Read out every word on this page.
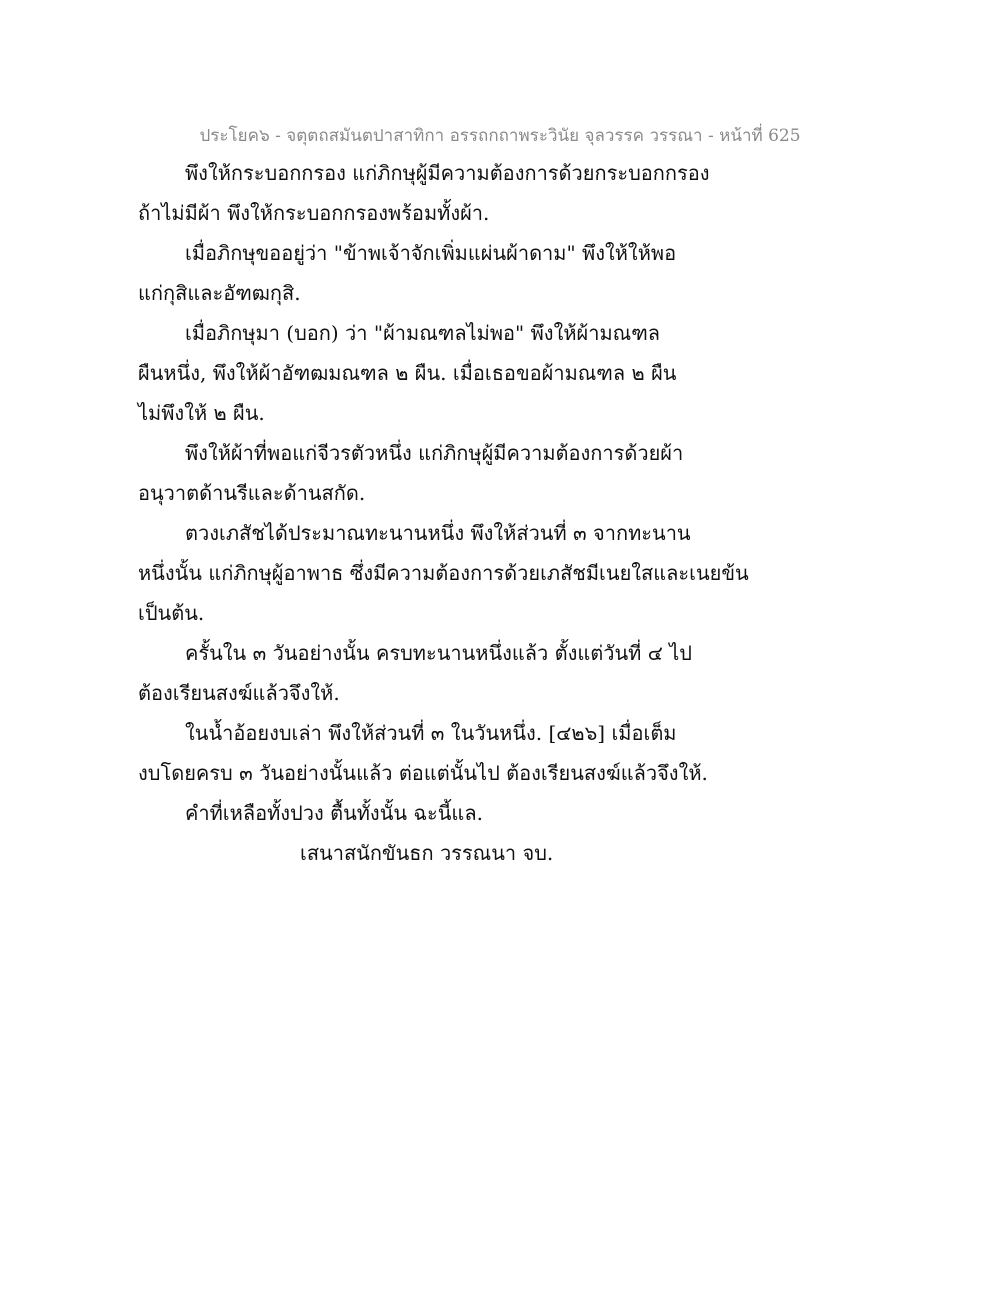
ประโยค๖ - จตุตถสมันตปาสาทิกา อรรถกถาพระวินัย จุลวรรค วรรณา - หน้าที่ 625
พึงให้กระบอกกรอง แก่ภิกษุผู้มีความต้องการด้วยกระบอกกรอง
ถ้าไม่มีผ้า พึงให้กระบอกกรองพร้อมทั้งผ้า.
เมื่อภิกษุขออยู่ว่า "ข้าพเจ้าจักเพิ่มแผ่นผ้าดาม" พึงให้ให้พอ
แก่กุสิและอัฑฒกุสิ.
เมื่อภิกษุมา (บอก) ว่า "ผ้ามณฑลไม่พอ" พึงให้ผ้ามณฑล
ผืนหนึ่ง, พึงให้ผ้าอัฑฒมณฑล ๒ ผืน. เมื่อเธอขอผ้ามณฑล ๒ ผืน
ไม่พึงให้ ๒ ผืน.
พึงให้ผ้าที่พอแก่จีวรตัวหนึ่ง แก่ภิกษุผู้มีความต้องการด้วยผ้า
อนุวาตด้านรีและด้านสกัด.
ตวงเภสัชได้ประมาณทะนานหนึ่ง พึงให้ส่วนที่ ๓ จากทะนาน
หนึ่งนั้น แก่ภิกษุผู้อาพาธ ซึ่งมีความต้องการด้วยเภสัชมีเนยใสและเนยข้น
เป็นต้น.
ครั้นใน ๓ วันอย่างนั้น ครบทะนานหนึ่งแล้ว ตั้งแต่วันที่ ๔ ไป
ต้องเรียนสงฆ์แล้วจึงให้.
ในน้ำอ้อยงบเล่า พึงให้ส่วนที่ ๓ ในวันหนึ่ง. [๔๒๖] เมื่อเต็ม
งบโดยครบ ๓ วันอย่างนั้นแล้ว ต่อแต่นั้นไป ต้องเรียนสงฆ์แล้วจึงให้.
คำที่เหลือทั้งปวง ตื้นทั้งนั้น ฉะนี้แล.
เสนาสนักขันธก วรรณนา จบ.
